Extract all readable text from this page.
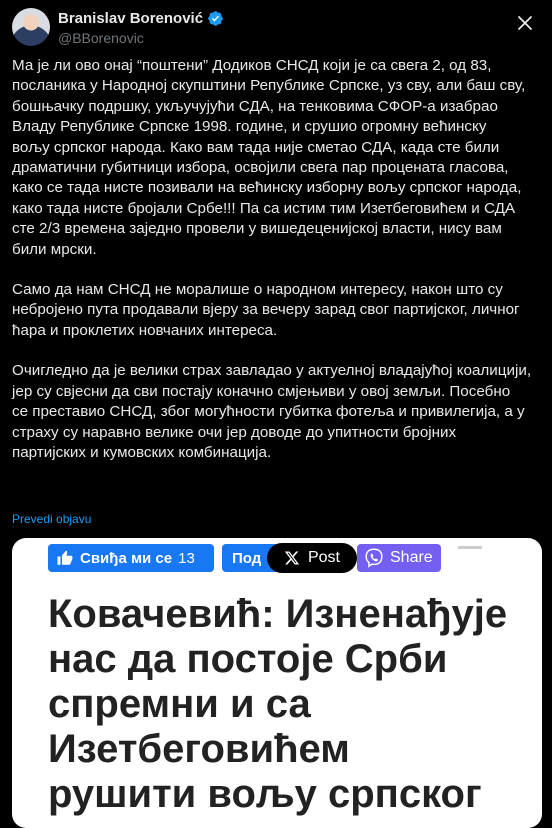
Branislav Borenović
@BBorenovic

Ма је ли ово онај “поштени” Додиков СНСД који је са свега 2, од 83,
посланика у Народној скупштини Републике Српске, уз сву, али баш сву,
бошњачку подршку, укључујући СДА, на тенковима СФОР-а изабрао
Владу Републике Српске 1998. године, и срушио огромну већинску
вољу српског народа. Како вам тада није сметао СДА, када сте били
драматични губитници избора, освојили свега пар процената гласова,
како се тада нисте позивали на већинску изборну вољу српског народа,
како тада нисте бројали Србе!!! Па са истим тим Изетбеговићем и СДА
сте 2/3 времена заједно провели у вишедеценијској власти, нису вам
били мрски.

Само да нам СНСД не моралише о народном интересу, након што су
небројено пута продавали вјеру за вечеру зарад свог партијског, личног
ћара и проклетих новчаних интереса.

Очигледно да је велики страх завладао у актуелној владајућој коалицији,
јер су свјесни да сви постају коначно смјењиви у овој земљи. Посебно
се преставио СНСД, због могућности губитка фотеља и привилегија, а у
страху су наравно велике очи јер доводе до упитности бројних
партијских и кумовских комбинација.

Prevedi objavu
Свиђа ми се 13 Под	Post	Share
Ковачевић: Изненађује
нас да постоје Срби
спремни и са
Изетбеговићем
рушити вољу српског
